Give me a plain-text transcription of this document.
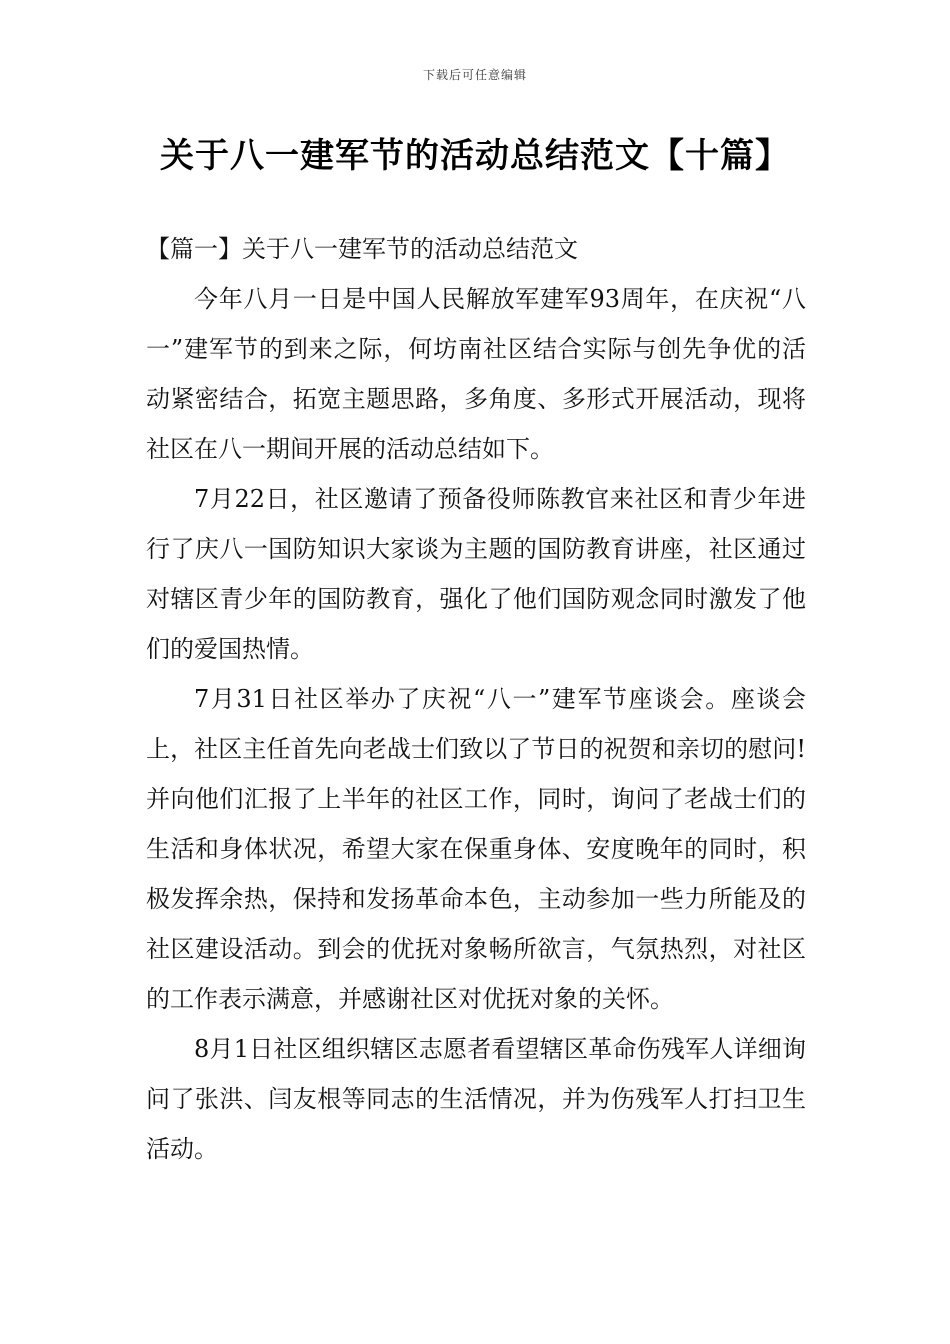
下载后可任意编辑
关于八一建军节的活动总结范文【十篇】

【篇一】关于八一建军节的活动总结范文

今年八月一日是中国人民解放军建军93周年，在庆祝“八一”建军节的到来之际，何坊南社区结合实际与创先争优的活动紧密结合，拓宽主题思路，多角度、多形式开展活动，现将社区在八一期间开展的活动总结如下。

7月22日，社区邀请了预备役师陈教官来社区和青少年进行了庆八一国防知识大家谈为主题的国防教育讲座，社区通过对辖区青少年的国防教育，强化了他们国防观念同时激发了他们的爱国热情。

7月31日社区举办了庆祝“八一”建军节座谈会。座谈会上，社区主任首先向老战士们致以了节日的祝贺和亲切的慰问!并向他们汇报了上半年的社区工作，同时，询问了老战士们的生活和身体状况，希望大家在保重身体、安度晚年的同时，积极发挥余热，保持和发扬革命本色，主动参加一些力所能及的社区建设活动。到会的优抚对象畅所欲言，气氛热烈，对社区的工作表示满意，并感谢社区对优抚对象的关怀。

8月1日社区组织辖区志愿者看望辖区革命伤残军人详细询问了张洪、闫友根等同志的生活情况，并为伤残军人打扫卫生活动。
